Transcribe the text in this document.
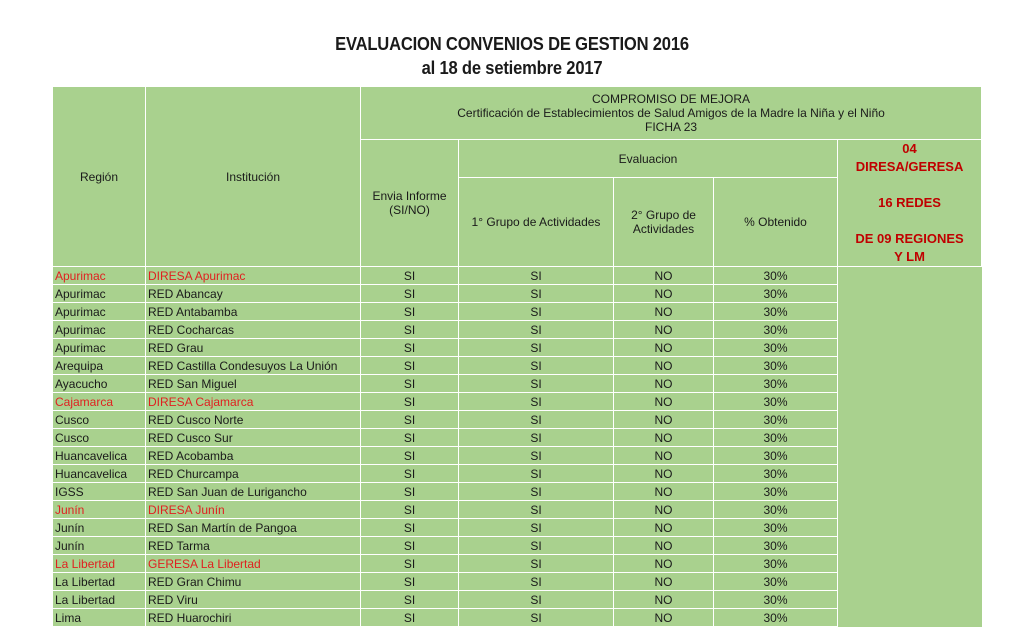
EVALUACION CONVENIOS DE GESTION 2016
al 18 de setiembre 2017
Región	Institución	COMPROMISO DE MEJORA
Certificación de Establecimientos de Salud Amigos de la Madre la Niña y el Niño
FICHA 23				

		Envia Informe (SI/NO)	Evaluacion			04
DIRESA/GERESA
16 REDES
DE 09 REGIONES
Y LM

			1° Grupo de Actividades	2° Grupo de Actividades	% Obtenido	
Apurimac	DIRESA Apurimac	SI	SI	NO	30%	
Apurimac	RED Abancay	SI	SI	NO	30%	
Apurimac	RED Antabamba	SI	SI	NO	30%	
Apurimac	RED Cocharcas	SI	SI	NO	30%	
Apurimac	RED Grau	SI	SI	NO	30%	
Arequipa	RED Castilla Condesuyos La Unión	SI	SI	NO	30%	
Ayacucho	RED San Miguel	SI	SI	NO	30%	
Cajamarca	DIRESA Cajamarca	SI	SI	NO	30%	
Cusco	RED Cusco Norte	SI	SI	NO	30%	
Cusco	RED Cusco Sur	SI	SI	NO	30%	
Huancavelica	RED Acobamba	SI	SI	NO	30%	
Huancavelica	RED Churcampa	SI	SI	NO	30%	
IGSS	RED San Juan de Lurigancho	SI	SI	NO	30%	
Junín	DIRESA Junín	SI	SI	NO	30%	
Junín	RED San Martín de Pangoa	SI	SI	NO	30%	
Junín	RED Tarma	SI	SI	NO	30%	
La Libertad	GERESA La Libertad	SI	SI	NO	30%	
La Libertad	RED Gran Chimu	SI	SI	NO	30%	
La Libertad	RED Viru	SI	SI	NO	30%	
Lima	RED Huarochiri	SI	SI	NO	30%	
